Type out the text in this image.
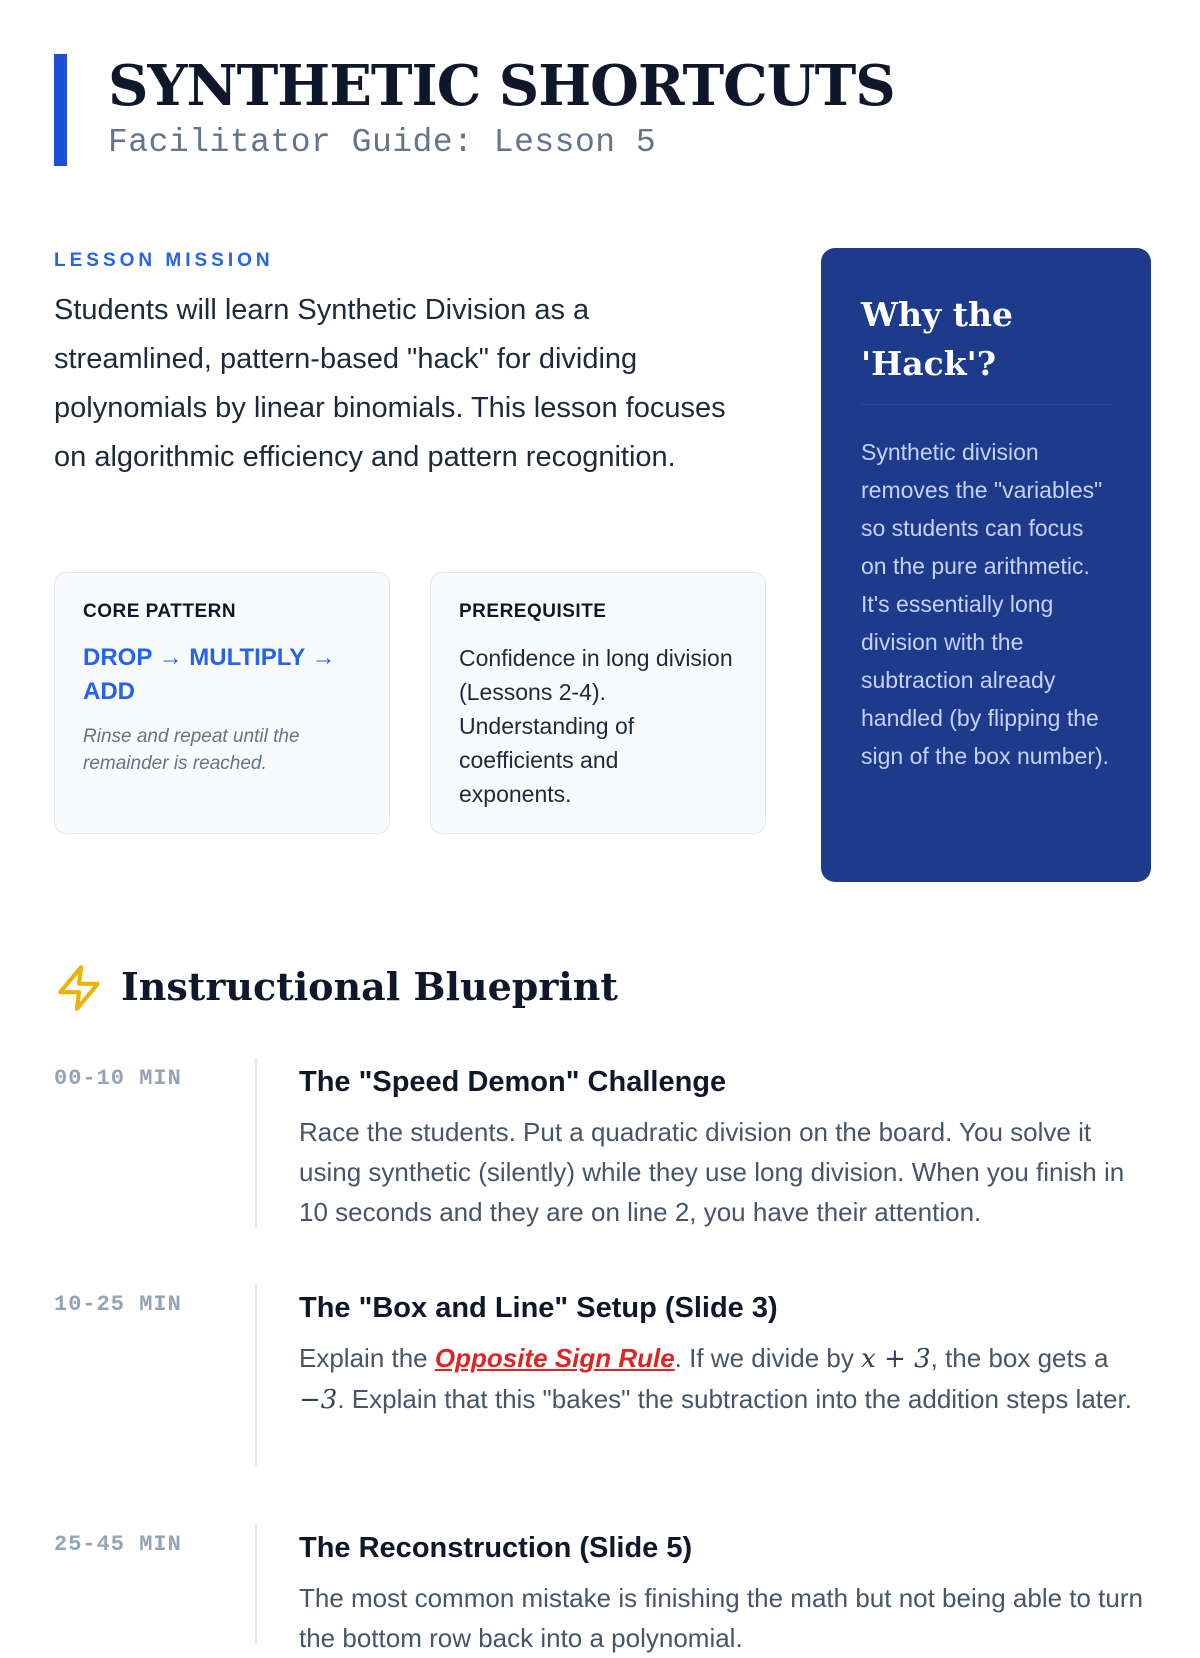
SYNTHETIC SHORTCUTS
Facilitator Guide: Lesson 5
LESSON MISSION
Students will learn Synthetic Division as a streamlined, pattern-based "hack" for dividing polynomials by linear binomials. This lesson focuses on algorithmic efficiency and pattern recognition.
CORE PATTERN
DROP → MULTIPLY → ADD
Rinse and repeat until the remainder is reached.
PREREQUISITE
Confidence in long division (Lessons 2-4). Understanding of coefficients and exponents.
Why the 'Hack'?
Synthetic division removes the "variables" so students can focus on the pure arithmetic. It's essentially long division with the subtraction already handled (by flipping the sign of the box number).
Instructional Blueprint
00-10 MIN	The "Speed Demon" Challenge
Race the students. Put a quadratic division on the board. You solve it using synthetic (silently) while they use long division. When you finish in 10 seconds and they are on line 2, you have their attention.
10-25 MIN	The "Box and Line" Setup (Slide 3)
Explain the Opposite Sign Rule. If we divide by x + 3, the box gets a −3. Explain that this "bakes" the subtraction into the addition steps later.
25-45 MIN	The Reconstruction (Slide 5)
The most common mistake is finishing the math but not being able to turn the bottom row back into a polynomial.
